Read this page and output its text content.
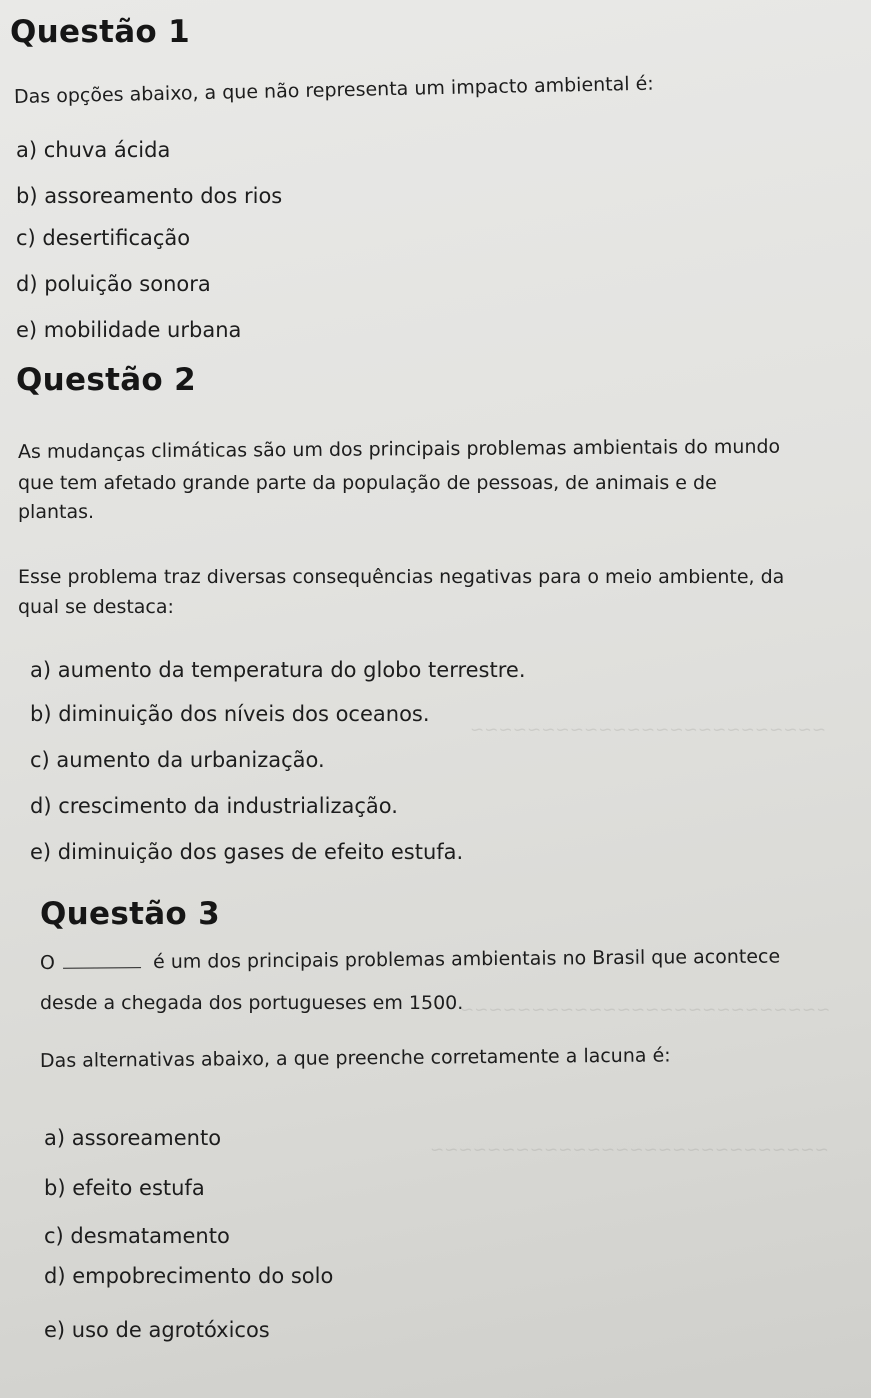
~~~~~~~~~~~~~~~~~~~~~~~~~
~~~~~~~~~~~~~~~~~~~~~~~~~~
~~~~~~~~~~~~~~~~~~~~~~~~~~~~
Questão 1
Das opções abaixo, a que não representa um impacto ambiental é:
a) chuva ácida
b) assoreamento dos rios
c) desertificação
d) poluição sonora
e) mobilidade urbana
Questão 2
As mudanças climáticas são um dos principais problemas ambientais do mundo
que tem afetado grande parte da população de pessoas, de animais e de
plantas.
Esse problema traz diversas consequências negativas para o meio ambiente, da
qual se destaca:
a) aumento da temperatura do globo terrestre.
b) diminuição dos níveis dos oceanos.
c) aumento da urbanização.
d) crescimento da industrialização.
e) diminuição dos gases de efeito estufa.
Questão 3
O	é um dos principais problemas ambientais no Brasil que acontece
desde a chegada dos portugueses em 1500.
Das alternativas abaixo, a que preenche corretamente a lacuna é:
a) assoreamento
b) efeito estufa
c) desmatamento
d) empobrecimento do solo
e) uso de agrotóxicos
